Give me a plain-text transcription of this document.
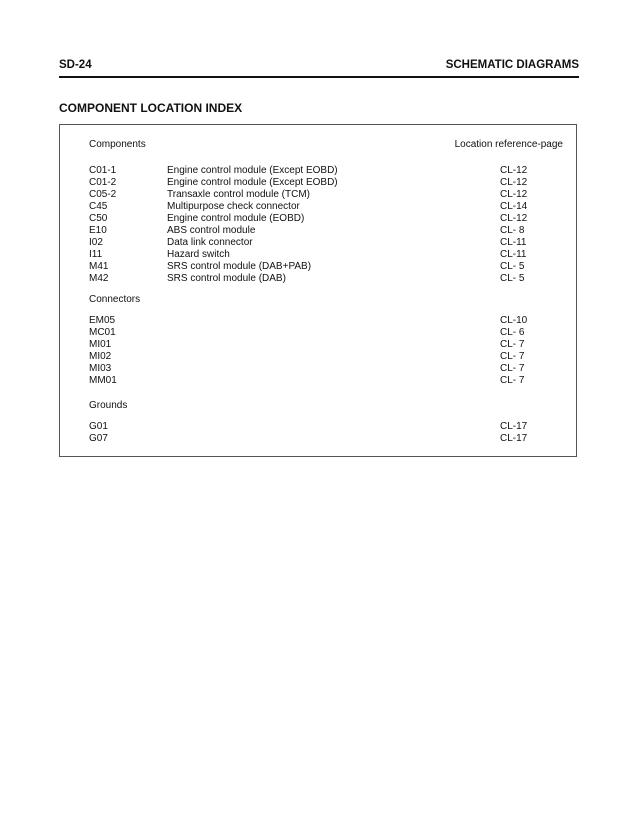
SD-24	SCHEMATIC DIAGRAMS
COMPONENT LOCATION INDEX
Components	Location reference-page
C01-1	Engine control module (Except EOBD)	CL-12
C01-2	Engine control module (Except EOBD)	CL-12
C05-2	Transaxle control module (TCM)	CL-12
C45	Multipurpose check connector	CL-14
C50	Engine control module (EOBD)	CL-12
E10	ABS control module	CL- 8
I02	Data link connector	CL-11
I11	Hazard switch	CL-11
M41	SRS control module (DAB+PAB)	CL- 5
M42	SRS control module (DAB)	CL- 5
Connectors
EM05	CL-10
MC01	CL- 6
MI01	CL- 7
MI02	CL- 7
MI03	CL- 7
MM01	CL- 7
Grounds
G01	CL-17
G07	CL-17
